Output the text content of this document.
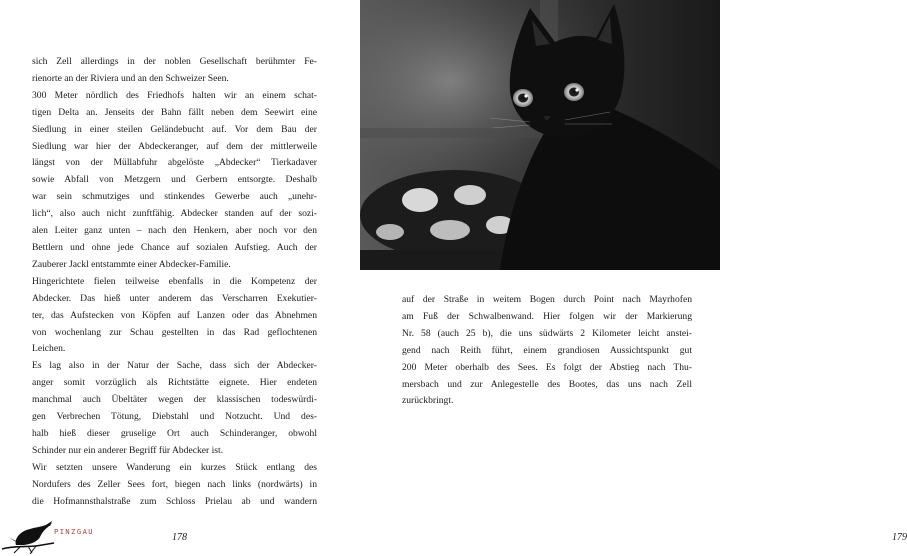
sich Zell allerdings in der noblen Gesellschaft berühmter Fe-
rienorte an der Riviera und an den Schweizer Seen.
300 Meter nördlich des Friedhofs halten wir an einem schat-
tigen Delta an. Jenseits der Bahn fällt neben dem Seewirt eine
Siedlung in einer steilen Geländebucht auf. Vor dem Bau der
Siedlung war hier der Abdeckeranger, auf dem der mittlerweile
längst von der Müllabfuhr abgelöste „Abdecker“ Tierkadaver
sowie Abfall von Metzgern und Gerbern entsorgte. Deshalb
war sein schmutziges und stinkendes Gewerbe auch „unehr-
lich“, also auch nicht zunftfähig. Abdecker standen auf der sozi-
alen Leiter ganz unten – nach den Henkern, aber noch vor den
Bettlern und ohne jede Chance auf sozialen Aufstieg. Auch der
Zauberer Jackl entstammte einer Abdecker-Familie.
Hingerichtete fielen teilweise ebenfalls in die Kompetenz der
Abdecker. Das hieß unter anderem das Verscharren Exekutier-
ter, das Aufstecken von Köpfen auf Lanzen oder das Abnehmen
von wochenlang zur Schau gestellten in das Rad geflochtenen
Leichen.
Es lag also in der Natur der Sache, dass sich der Abdecker-
anger somit vorzüglich als Richtstätte eignete. Hier endeten
manchmal auch Übeltäter wegen der klassischen todeswürdi-
gen Verbrechen Tötung, Diebstahl und Notzucht. Und des-
halb hieß dieser gruselige Ort auch Schinderanger, obwohl
Schinder nur ein anderer Begriff für Abdecker ist.
Wir setzten unsere Wanderung ein kurzes Stück entlang des
Nordufers des Zeller Sees fort, biegen nach links (nordwärts) in
die Hofmannsthalstraße zum Schloss Prielau ab und wandern
PINZGAU	178
auf der Straße in weitem Bogen durch Point nach Mayrhofen
am Fuß der Schwalbenwand. Hier folgen wir der Markierung
Nr. 58 (auch 25 b), die uns südwärts 2 Kilometer leicht anstei-
gend nach Reith führt, einem grandiosen Aussichtspunkt gut
200 Meter oberhalb des Sees. Es folgt der Abstieg nach Thu-
mersbach und zur Anlegestelle des Bootes, das uns nach Zell
zurückbringt.
179
